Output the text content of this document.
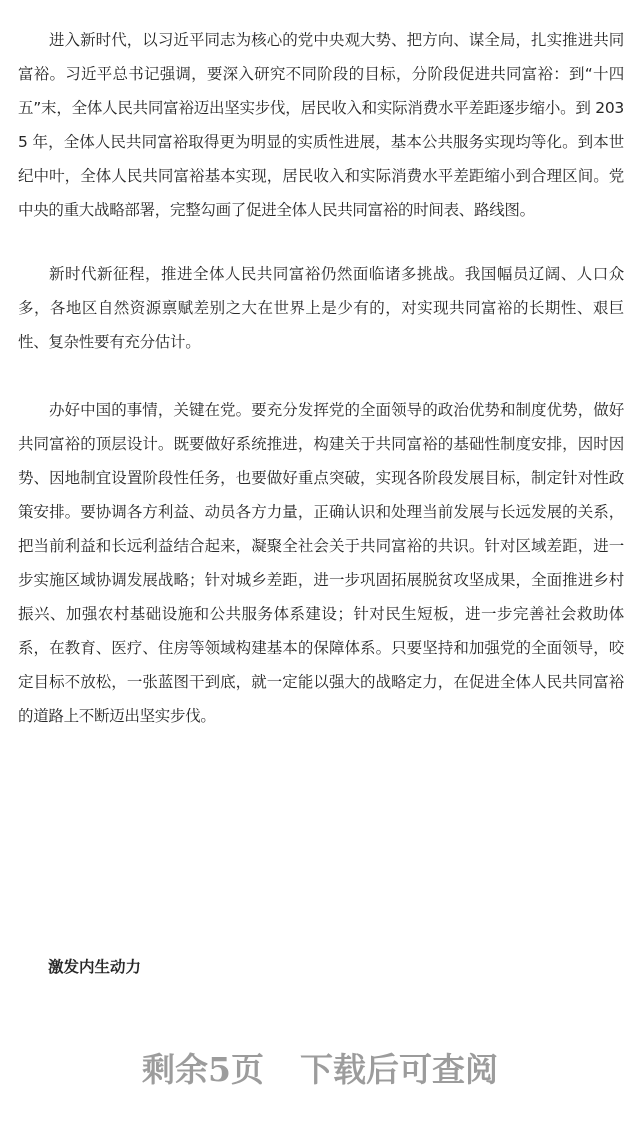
进入新时代，以习近平同志为核心的党中央观大势、把方向、谋全局，扎实推进共同富裕。习近平总书记强调，要深入研究不同阶段的目标，分阶段促进共同富裕：到“十四五”末，全体人民共同富裕迈出坚实步伐，居民收入和实际消费水平差距逐步缩小。到 2035 年，全体人民共同富裕取得更为明显的实质性进展，基本公共服务实现均等化。到本世纪中叶，全体人民共同富裕基本实现，居民收入和实际消费水平差距缩小到合理区间。党中央的重大战略部署，完整勾画了促进全体人民共同富裕的时间表、路线图。

新时代新征程，推进全体人民共同富裕仍然面临诸多挑战。我国幅员辽阔、人口众多，各地区自然资源禀赋差别之大在世界上是少有的，对实现共同富裕的长期性、艰巨性、复杂性要有充分估计。

办好中国的事情，关键在党。要充分发挥党的全面领导的政治优势和制度优势，做好共同富裕的顶层设计。既要做好系统推进，构建关于共同富裕的基础性制度安排，因时因势、因地制宜设置阶段性任务，也要做好重点突破，实现各阶段发展目标，制定针对性政策安排。要协调各方利益、动员各方力量，正确认识和处理当前发展与长远发展的关系，把当前利益和长远利益结合起来，凝聚全社会关于共同富裕的共识。针对区域差距，进一步实施区域协调发展战略；针对城乡差距，进一步巩固拓展脱贫攻坚成果，全面推进乡村振兴、加强农村基础设施和公共服务体系建设；针对民生短板，进一步完善社会救助体系，在教育、医疗、住房等领域构建基本的保障体系。只要坚持和加强党的全面领导，咬定目标不放松，一张蓝图干到底，就一定能以强大的战略定力，在促进全体人民共同富裕的道路上不断迈出坚实步伐。

激发内生动力
剩余5页 下载后可查阅
